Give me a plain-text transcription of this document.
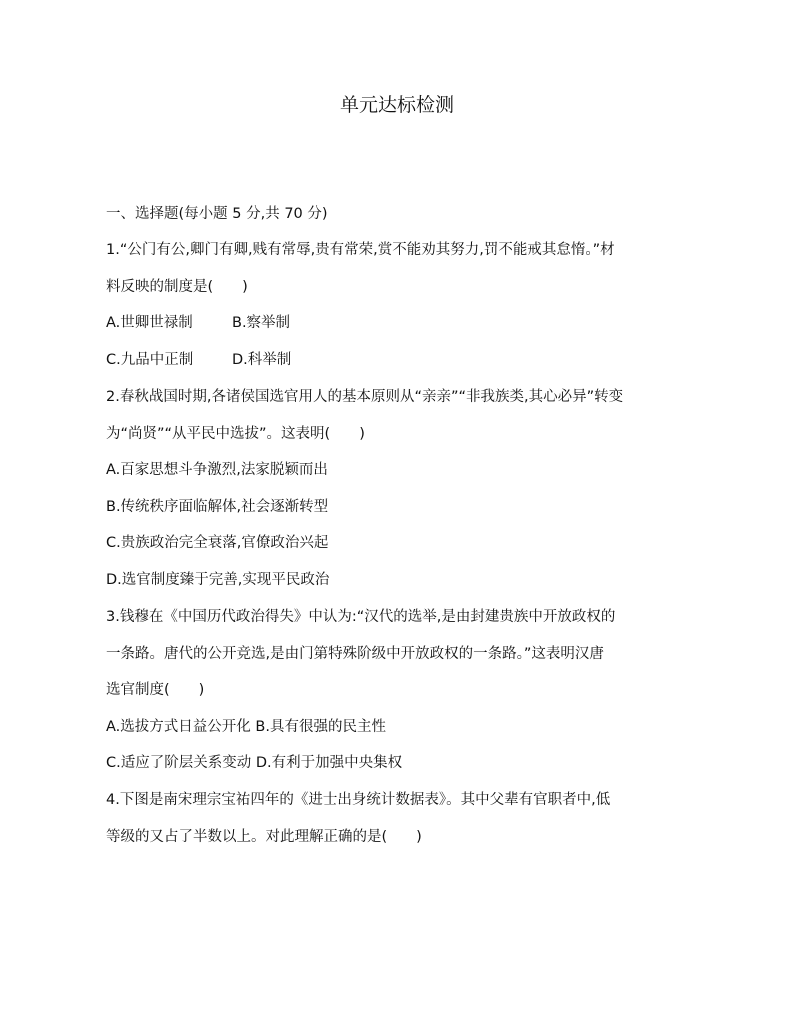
单元达标检测
一、选择题(每小题 5 分,共 70 分)
1.“公门有公,卿门有卿,贱有常辱,贵有常荣,赏不能劝其努力,罚不能戒其怠惰。”材
料反映的制度是(　　)
A.世卿世禄制	B.察举制
C.九品中正制	D.科举制
2.春秋战国时期,各诸侯国选官用人的基本原则从“亲亲”“非我族类,其心必异”转变
为“尚贤”“从平民中选拔”。这表明(　　)
A.百家思想斗争激烈,法家脱颖而出
B.传统秩序面临解体,社会逐渐转型
C.贵族政治完全衰落,官僚政治兴起
D.选官制度臻于完善,实现平民政治
3.钱穆在《中国历代政治得失》中认为:“汉代的选举,是由封建贵族中开放政权的
一条路。唐代的公开竞选,是由门第特殊阶级中开放政权的一条路。”这表明汉唐
选官制度(　　)
A.选拔方式日益公开化 B.具有很强的民主性
C.适应了阶层关系变动 D.有利于加强中央集权
4.下图是南宋理宗宝祐四年的《进士出身统计数据表》。其中父辈有官职者中,低
等级的又占了半数以上。对此理解正确的是(　　)
